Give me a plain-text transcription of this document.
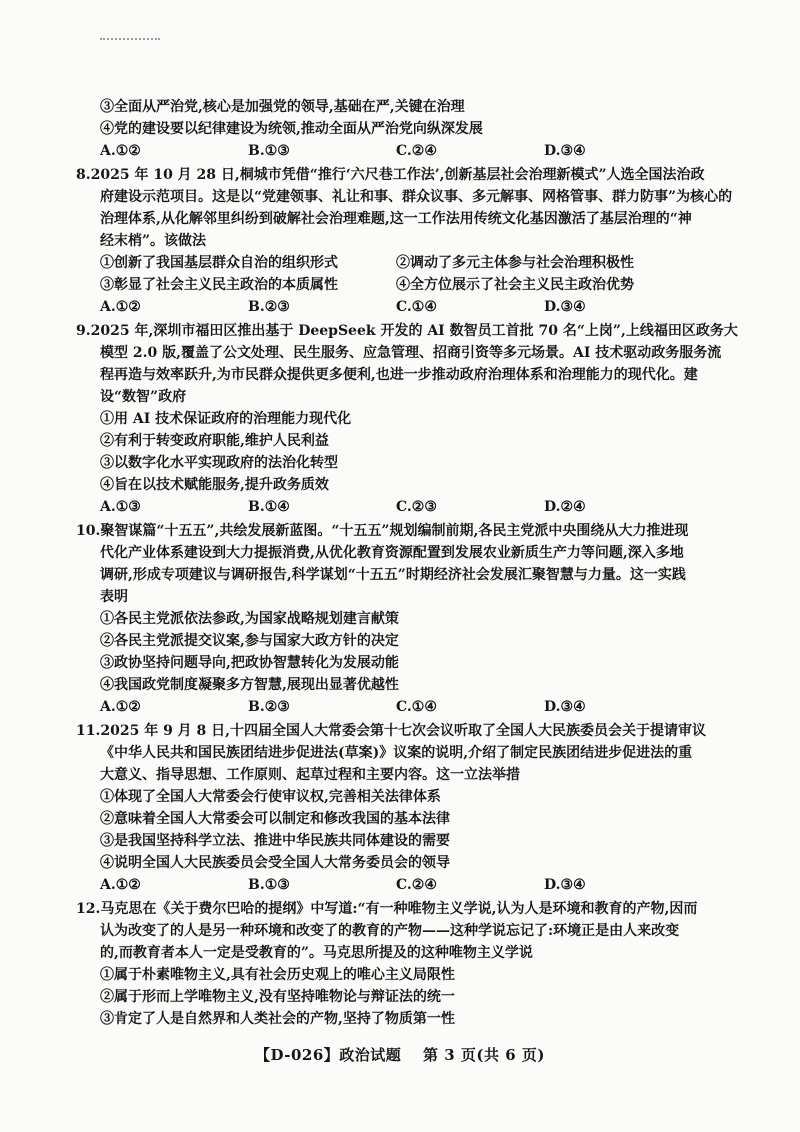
③全面从严治党,核心是加强党的领导,基础在严,关键在治理
④党的建设要以纪律建设为统领,推动全面从严治党向纵深发展
A.①②	B.①③	C.②④	D.③④
8.2025 年 10 月 28 日,桐城市凭借“推行‘六尺巷工作法’,创新基层社会治理新模式”人选全国法治政
府建设示范项目。这是以“党建领事、礼让和事、群众议事、多元解事、网格管事、群力防事”为核心的
治理体系,从化解邻里纠纷到破解社会治理难题,这一工作法用传统文化基因激活了基层治理的“神
经末梢”。该做法
①创新了我国基层群众自治的组织形式	②调动了多元主体参与社会治理积极性
③彰显了社会主义民主政治的本质属性	④全方位展示了社会主义民主政治优势
A.①②	B.②③	C.①④	D.③④
9.2025 年,深圳市福田区推出基于 DeepSeek 开发的 AI 数智员工首批 70 名“上岗”,上线福田区政务大
模型 2.0 版,覆盖了公文处理、民生服务、应急管理、招商引资等多元场景。AI 技术驱动政务服务流
程再造与效率跃升,为市民群众提供更多便利,也进一步推动政府治理体系和治理能力的现代化。建
设“数智”政府
①用 AI 技术保证政府的治理能力现代化
②有利于转变政府职能,维护人民利益
③以数字化水平实现政府的法治化转型
④旨在以技术赋能服务,提升政务质效
A.①③	B.①④	C.②③	D.②④
10.聚智谋篇“十五五”,共绘发展新蓝图。“十五五”规划编制前期,各民主党派中央围绕从大力推进现
代化产业体系建设到大力提振消费,从优化教育资源配置到发展农业新质生产力等问题,深入多地
调研,形成专项建议与调研报告,科学谋划“十五五”时期经济社会发展汇聚智慧与力量。这一实践
表明
①各民主党派依法参政,为国家战略规划建言献策
②各民主党派提交议案,参与国家大政方针的决定
③政协坚持问题导向,把政协智慧转化为发展动能
④我国政党制度凝聚多方智慧,展现出显著优越性
A.①②	B.②③	C.①④	D.③④
11.2025 年 9 月 8 日,十四届全国人大常委会第十七次会议听取了全国人大民族委员会关于提请审议
《中华人民共和国民族团结进步促进法(草案)》议案的说明,介绍了制定民族团结进步促进法的重
大意义、指导思想、工作原则、起草过程和主要内容。这一立法举措
①体现了全国人大常委会行使审议权,完善相关法律体系
②意味着全国人大常委会可以制定和修改我国的基本法律
③是我国坚持科学立法、推进中华民族共同体建设的需要
④说明全国人大民族委员会受全国人大常务委员会的领导
A.①②	B.①③	C.②④	D.③④
12.马克思在《关于费尔巴哈的提纲》中写道:“有一种唯物主义学说,认为人是环境和教育的产物,因而
认为改变了的人是另一种环境和改变了的教育的产物——这种学说忘记了:环境正是由人来改变
的,而教育者本人一定是受教育的”。马克思所提及的这种唯物主义学说
①属于朴素唯物主义,具有社会历史观上的唯心主义局限性
②属于形而上学唯物主义,没有坚持唯物论与辩证法的统一
③肯定了人是自然界和人类社会的产物,坚持了物质第一性
【D-026】政治试题 第 3 页(共 6 页)
